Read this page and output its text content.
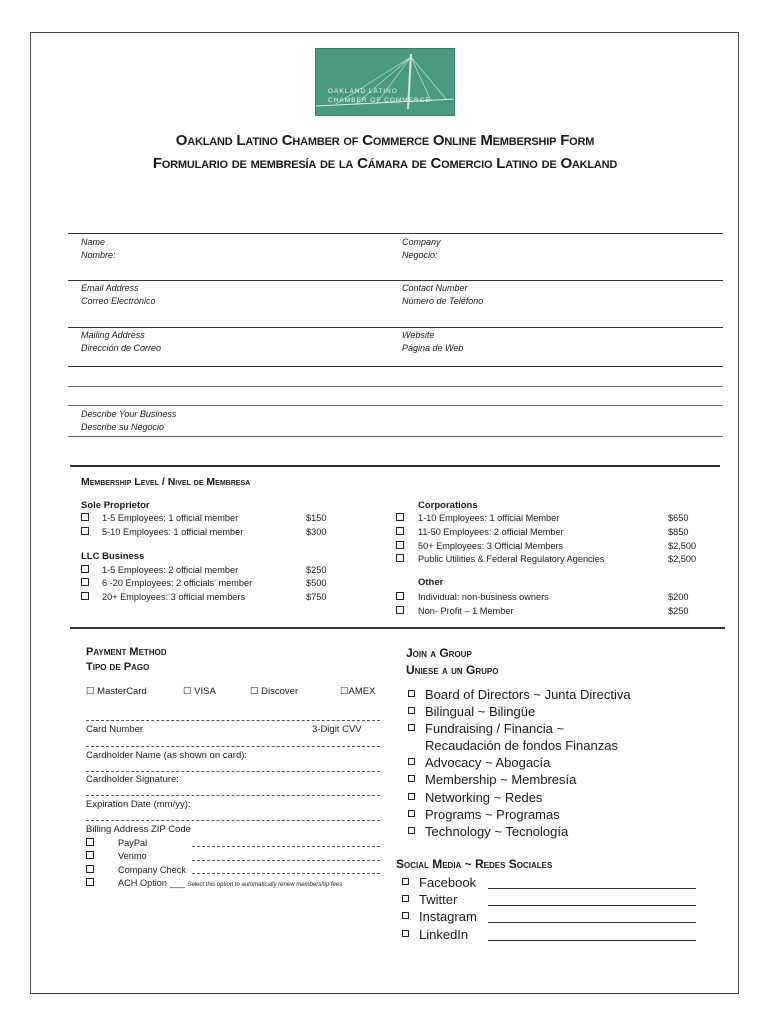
OAKLAND LATINO
CHAMBER OF COMMERCE
Oakland Latino Chamber of Commerce Online Membership Form
Formulario de membresía de la Cámara de Comercio Latino de Oakland
Name
Nombre:
Company
Negocio:
Email Address
Correo Electrónico
Contact Number
Número de Teléfono
Mailing Address
Dirección de Correo
Website
Página de Web
Describe Your Business
Describe su Negocio
Membership Level / Nivel de Membresa
Sole Proprietor
1-5 Employees: 1 official member	$150
5-10 Employees: 1 official member	$300
LLC Business
1-5 Employees: 2 official member	$250
6 -20 Employees: 2 officials' member	$500
20+ Employees: 3 official members	$750
Corporations
1-10 Employees: 1 official Member	$650
11-50 Employees: 2 official Member	$850
50+ Employees: 3 Official Members	$2,500
Public Utilities & Federal Regulatory Agencies	$2,500
Other
Individual: non-business owners	$200
Non- Profit – 1 Member	$250
Payment Method
Tipo de Pago
☐ MasterCard	☐ VISA	☐ Discover	☐AMEX
Card Number	3-Digit CVV
Cardholder Name (as shown on card):
Cardholder Signature:
Expiration Date (mm/yy):
Billing Address ZIP Code
PayPal
Venmo
Company Check
ACH Option ___ Select this option to automatically renew membership fees
Join a Group
Uniese a un Grupo
Board of Directors ~ Junta Directiva
Bilingual ~ Bilingüe
Fundraising / Financia ~
Recaudación de fondos Finanzas
Advocacy ~ Abogacía
Membership ~ Membresía
Networking ~ Redes
Programs ~ Programas
Technology ~ Tecnología
Social Media ~ Redes Sociales
Facebook
Twitter
Instagram
LinkedIn
